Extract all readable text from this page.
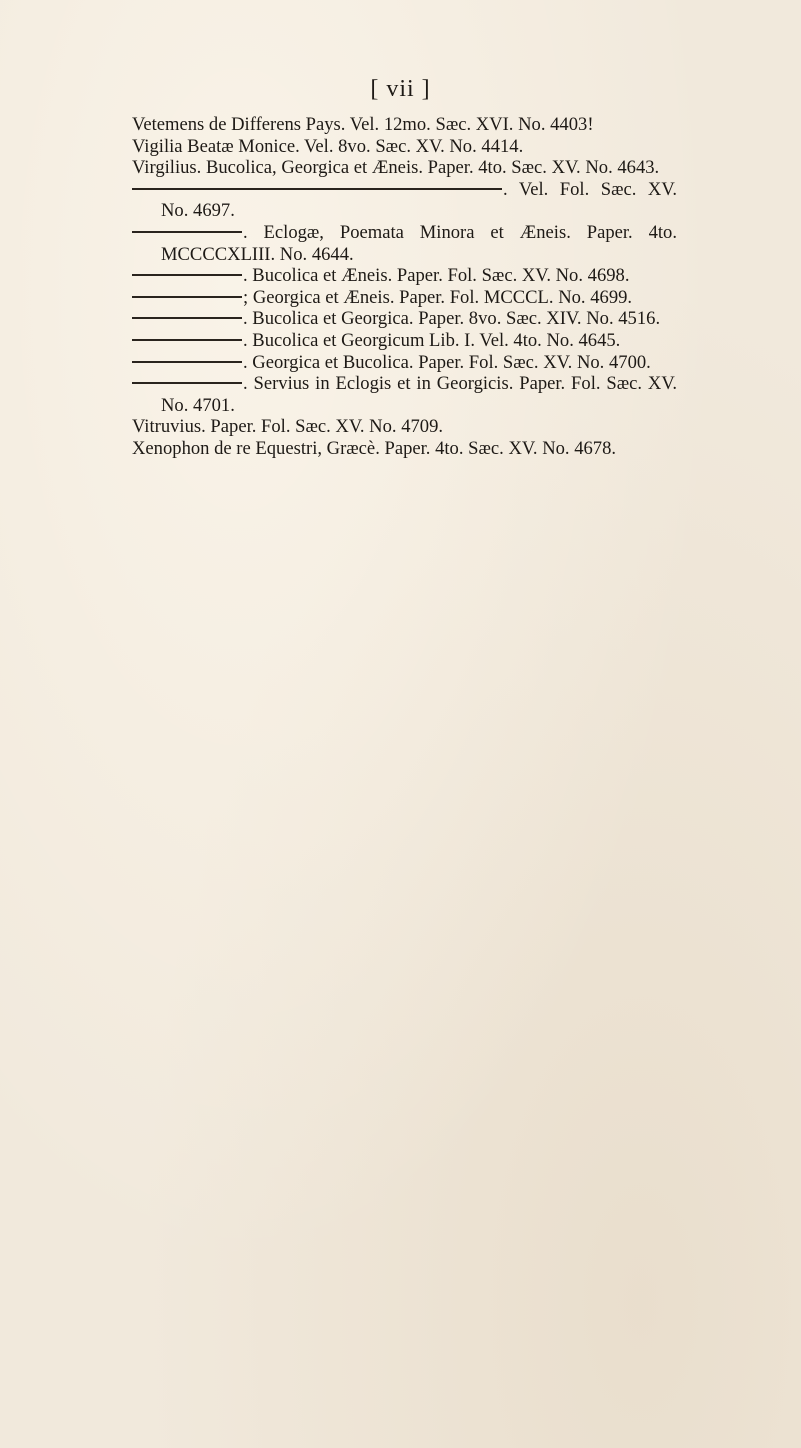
[ vii ]
Vetemens de Differens Pays. Vel. 12mo. Sæc. XVI. No. 4403!
Vigilia Beatæ Monice. Vel. 8vo. Sæc. XV. No. 4414.
Virgilius. Bucolica, Georgica et Æneis. Paper. 4to. Sæc. XV. No. 4643.
. Vel. Fol. Sæc. XV. No. 4697.
. Eclogæ, Poemata Minora et Æneis. Paper. 4to. MCCCCXLIII. No. 4644.
. Bucolica et Æneis. Paper. Fol. Sæc. XV. No. 4698.
; Georgica et Æneis. Paper. Fol. MCCCL. No. 4699.
. Bucolica et Georgica. Paper. 8vo. Sæc. XIV. No. 4516.
. Bucolica et Georgicum Lib. I. Vel. 4to. No. 4645.
. Georgica et Bucolica. Paper. Fol. Sæc. XV. No. 4700.
. Servius in Eclogis et in Georgicis. Paper. Fol. Sæc. XV. No. 4701.
Vitruvius. Paper. Fol. Sæc. XV. No. 4709.
Xenophon de re Equestri, Græcè. Paper. 4to. Sæc. XV. No. 4678.
